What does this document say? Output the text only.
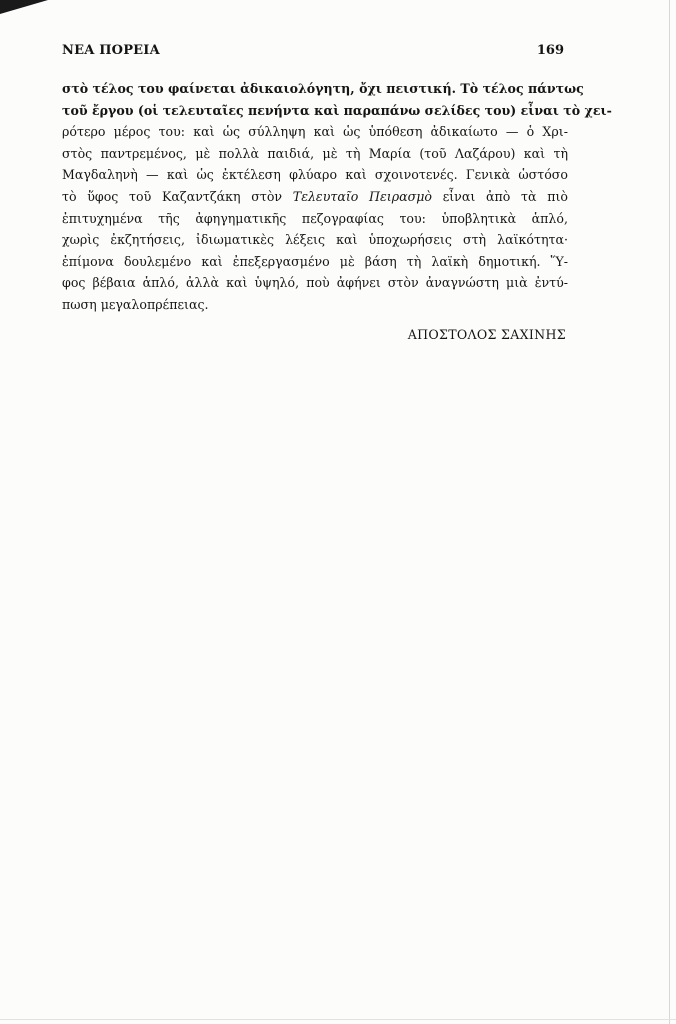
ΝΕΑ ΠΟΡΕΙΑ	169
στὸ τέλος του φαίνεται ἀδικαιολόγητη, ὄχι πειστική. Τὸ τέλος πάντως
τοῦ ἔργου (οἱ τελευταῖες πενήντα καὶ παραπάνω σελίδες του) εἶναι τὸ χει-
ρότερο μέρος του: καὶ ὡς σύλληψη καὶ ὡς ὑπόθεση ἀδικαίωτο — ὁ Χρι-
στὸς παντρεμένος, μὲ πολλὰ παιδιά, μὲ τὴ Μαρία (τοῦ Λαζάρου) καὶ τὴ
Μαγδαληνὴ — καὶ ὡς ἐκτέλεση φλύαρο καὶ σχοινοτενές. Γενικὰ ὡστόσο
τὸ ὕφος τοῦ Καζαντζάκη στὸν Τελευταῖο Πειρασμὸ εἶναι ἀπὸ τὰ πιὸ
ἐπιτυχημένα τῆς ἀφηγηματικῆς πεζογραφίας του: ὑποβλητικὰ ἁπλό,
χωρὶς ἐκζητήσεις, ἰδιωματικὲς λέξεις καὶ ὑποχωρήσεις στὴ λαϊκότητα·
ἐπίμονα δουλεμένο καὶ ἐπεξεργασμένο μὲ βάση τὴ λαϊκὴ δημοτική. Ὕ-
φος βέβαια ἁπλό, ἀλλὰ καὶ ὑψηλό, ποὺ ἀφήνει στὸν ἀναγνώστη μιὰ ἐντύ-
πωση μεγαλοπρέπειας.
ΑΠΟΣΤΟΛΟΣ ΣΑΧΙΝΗΣ
